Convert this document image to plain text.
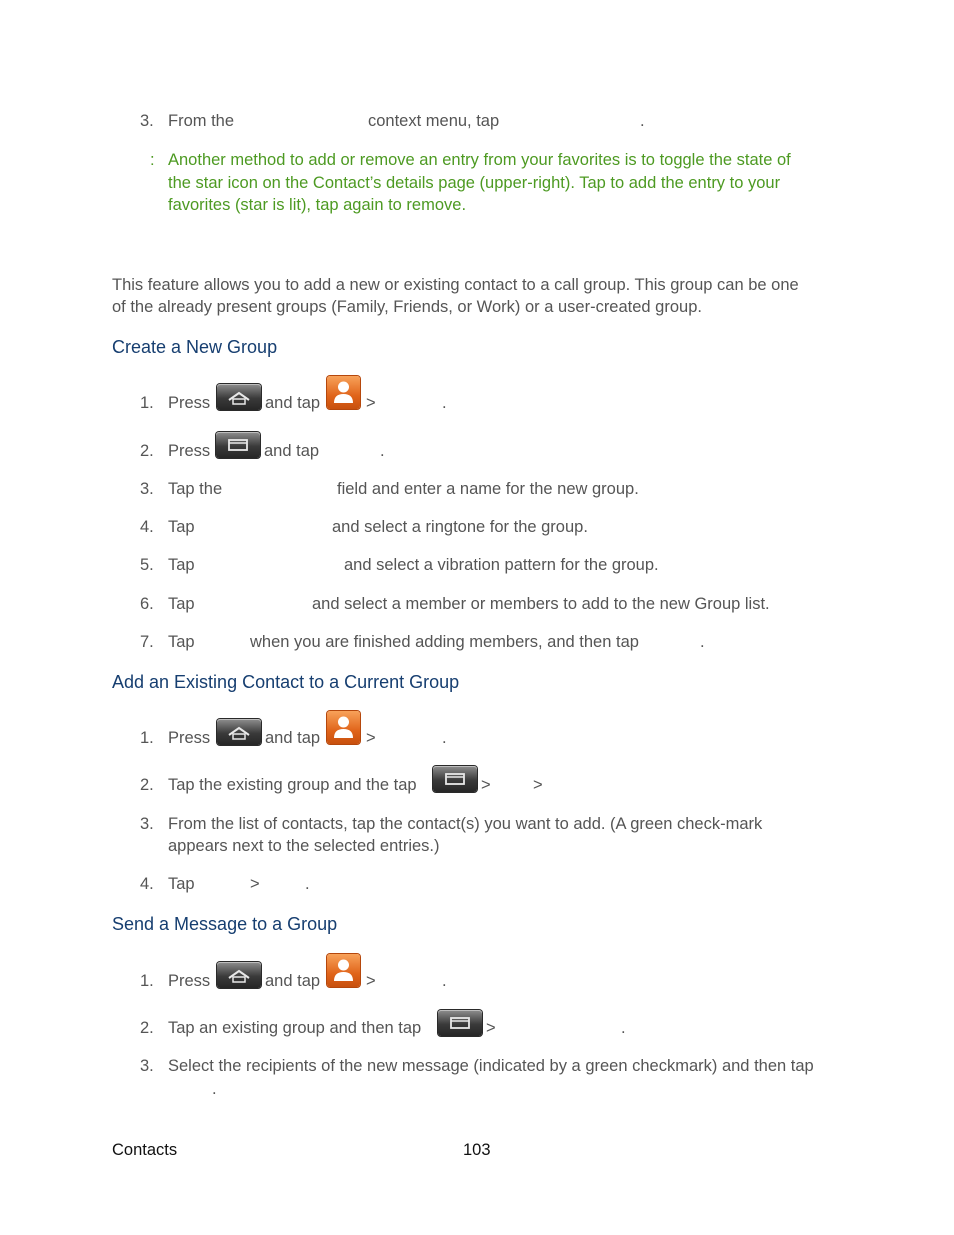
3. From the	context menu, tap	.
: Another method to add or remove an entry from your favorites is to toggle the state of
the star icon on the Contact’s details page (upper-right). Tap to add the entry to your
favorites (star is lit), tap again to remove.
This feature allows you to add a new or existing contact to a call group. This group can be one
of the already present groups (Family, Friends, or Work) or a user-created group.
Create a New Group
1. Press	and tap	>	.
2. Press	and tap	.
3. Tap the	field and enter a name for the new group.
4. Tap	and select a ringtone for the group.
5. Tap	and select a vibration pattern for the group.
6. Tap	and select a member or members to add to the new Group list.
7. Tap	when you are finished adding members, and then tap	.
Add an Existing Contact to a Current Group
1. Press	and tap	>	.
2. Tap the existing group and the tap	>	>
3. From the list of contacts, tap the contact(s) you want to add. (A green check-mark
appears next to the selected entries.)
4. Tap	>	.
Send a Message to a Group
1. Press	and tap	>	.
2. Tap an existing group and then tap	>	.
3. Select the recipients of the new message (indicated by a green checkmark) and then tap
.
Contacts	103
